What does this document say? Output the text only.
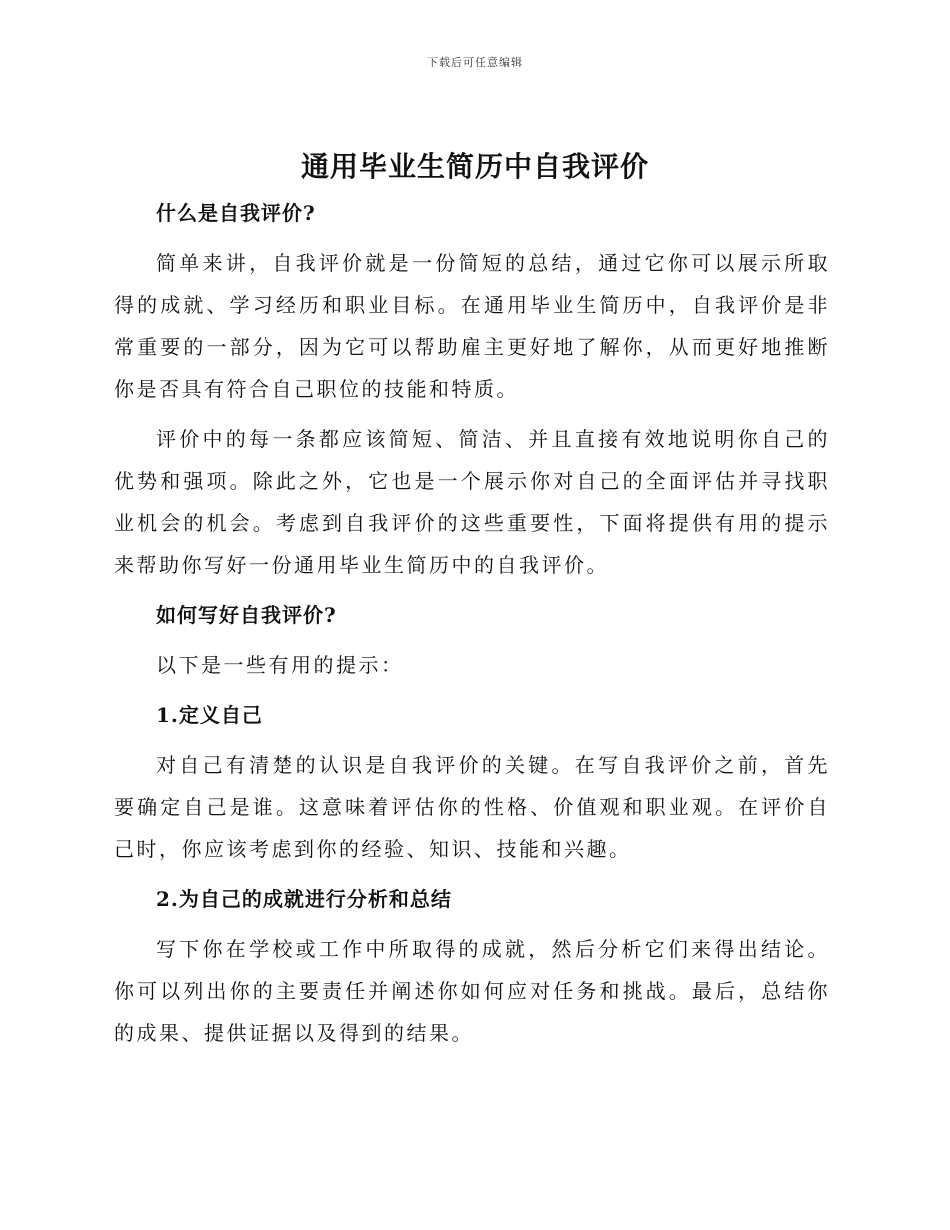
下载后可任意编辑
通用毕业生简历中自我评价

什么是自我评价?

简单来讲，自我评价就是一份简短的总结，通过它你可以展示所取得的成就、学习经历和职业目标。在通用毕业生简历中，自我评价是非常重要的一部分，因为它可以帮助雇主更好地了解你，从而更好地推断你是否具有符合自己职位的技能和特质。

评价中的每一条都应该简短、简洁、并且直接有效地说明你自己的优势和强项。除此之外，它也是一个展示你对自己的全面评估并寻找职业机会的机会。考虑到自我评价的这些重要性，下面将提供有用的提示来帮助你写好一份通用毕业生简历中的自我评价。

如何写好自我评价?

以下是一些有用的提示：

1.定义自己

对自己有清楚的认识是自我评价的关键。在写自我评价之前，首先要确定自己是谁。这意味着评估你的性格、价值观和职业观。在评价自己时，你应该考虑到你的经验、知识、技能和兴趣。

2.为自己的成就进行分析和总结

写下你在学校或工作中所取得的成就，然后分析它们来得出结论。你可以列出你的主要责任并阐述你如何应对任务和挑战。最后，总结你的成果、提供证据以及得到的结果。
